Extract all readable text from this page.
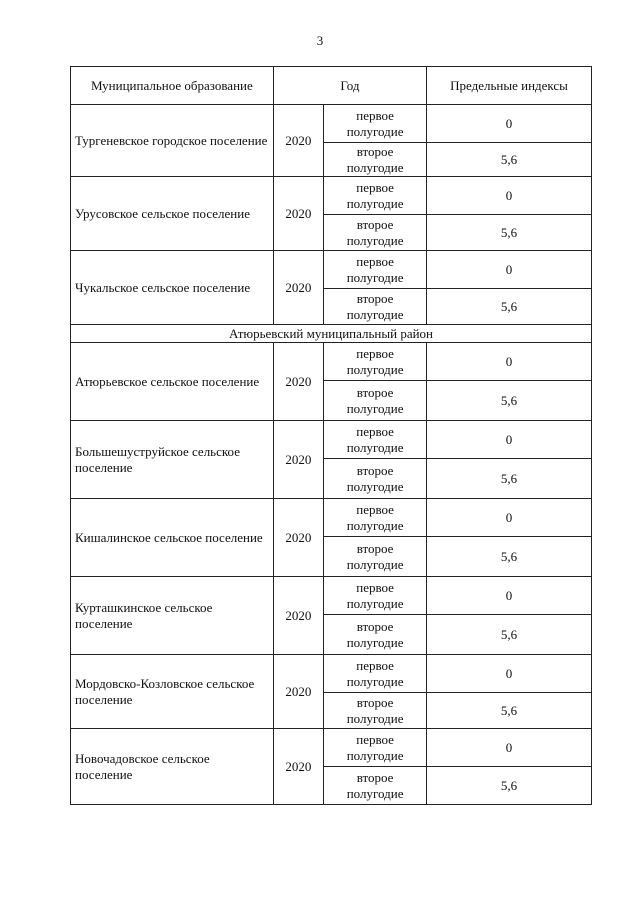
3
Муниципальное образование	Год		Предельные индексы
Тургеневское городское поселение	2020	первое полугодие	0
		второе полугодие	5,6
Урусовское сельское поселение	2020	первое полугодие	0
		второе полугодие	5,6
Чукальское сельское поселение	2020	первое полугодие	0
		второе полугодие	5,6
Атюрьевский муниципальный район			
Атюрьевское сельское поселение	2020	первое полугодие	0
		второе полугодие	5,6
Большешуструйское сельское поселение	2020	первое полугодие	0
		второе полугодие	5,6
Кишалинское сельское поселение	2020	первое полугодие	0
		второе полугодие	5,6
Курташкинское сельское поселение	2020	первое полугодие	0
		второе полугодие	5,6
Мордовско-Козловское сельское поселение	2020	первое полугодие	0
		второе полугодие	5,6
Новочадовское сельское поселение	2020	первое полугодие	0
		второе полугодие	5,6
